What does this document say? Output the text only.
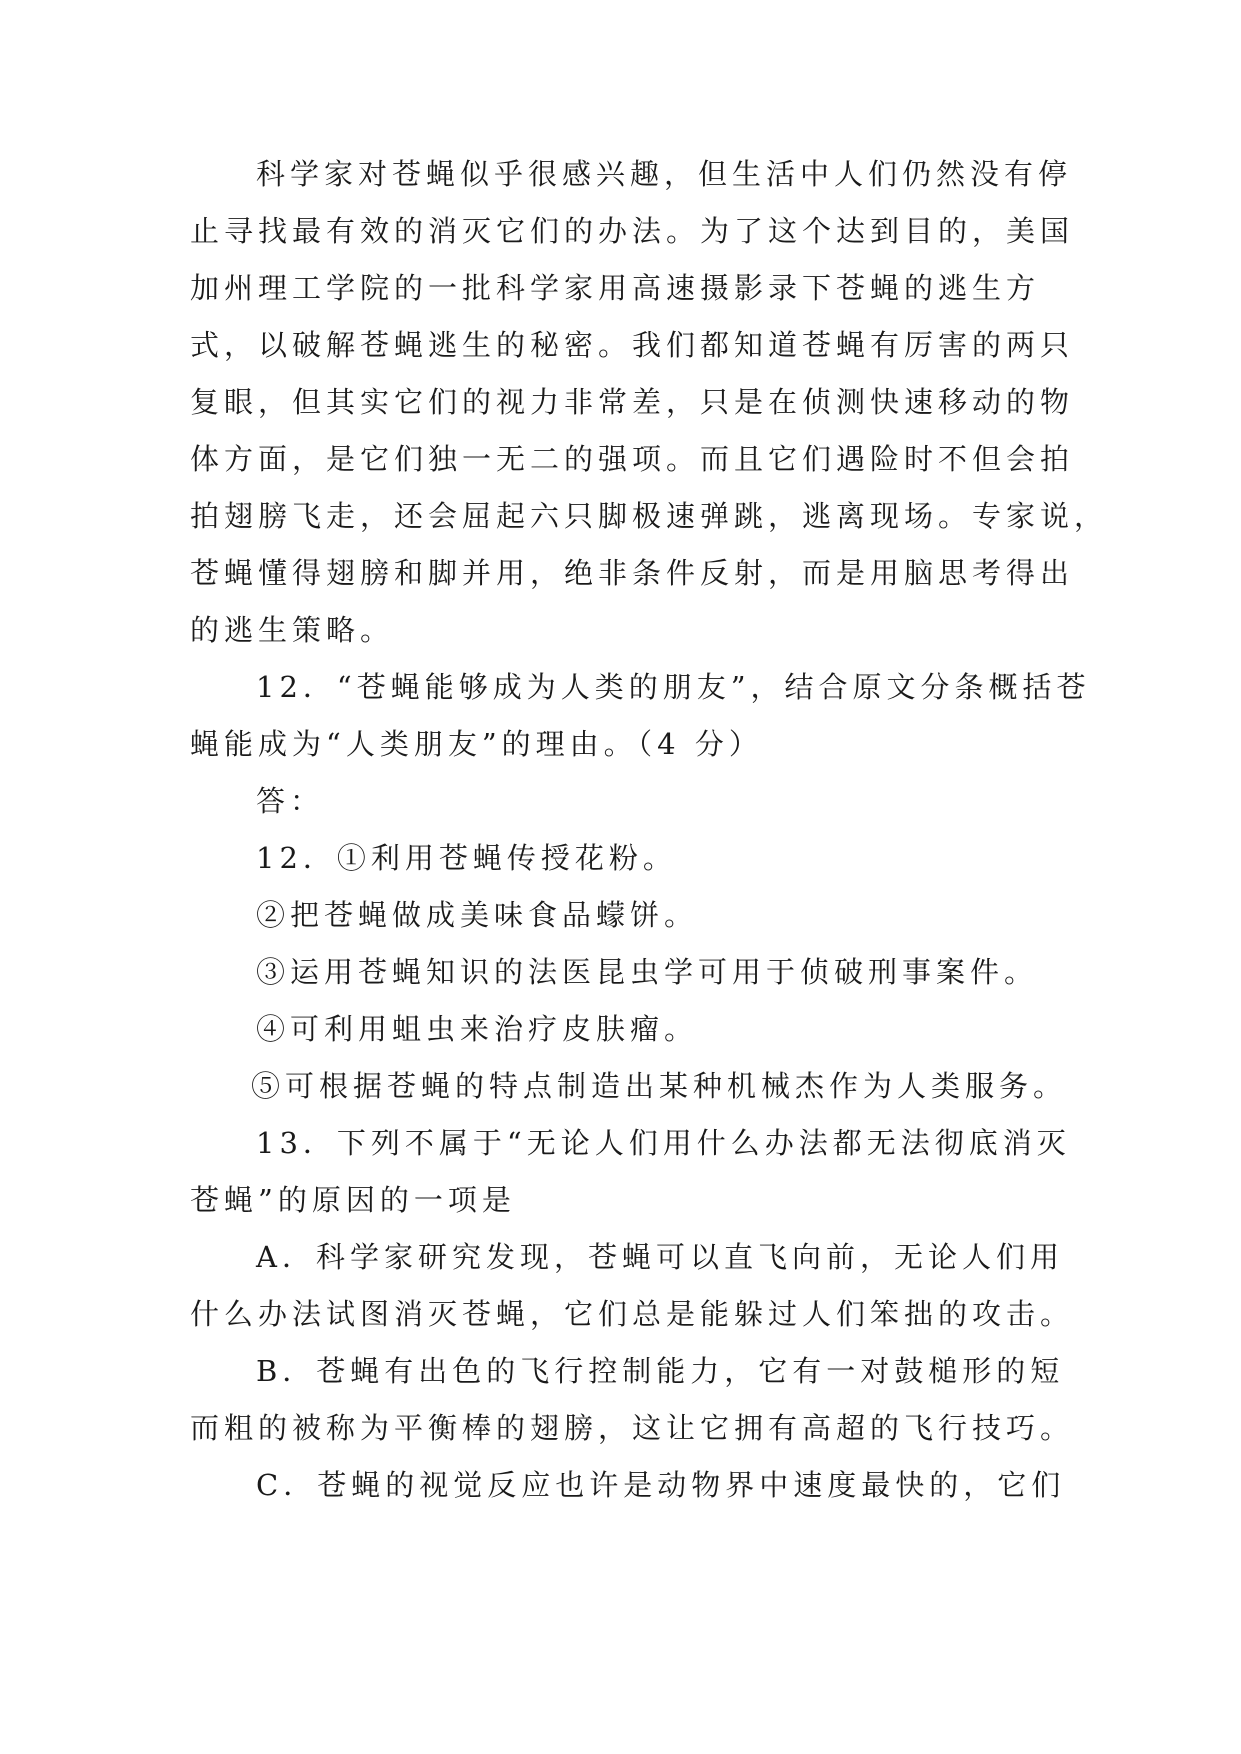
科学家对苍蝇似乎很感兴趣，但生活中人们仍然没有停
止寻找最有效的消灭它们的办法。为了这个达到目的，美国
加州理工学院的一批科学家用高速摄影录下苍蝇的逃生方
式，以破解苍蝇逃生的秘密。我们都知道苍蝇有厉害的两只
复眼，但其实它们的视力非常差，只是在侦测快速移动的物
体方面，是它们独一无二的强项。而且它们遇险时不但会拍
拍翅膀飞走，还会屈起六只脚极速弹跳，逃离现场。专家说，
苍蝇懂得翅膀和脚并用，绝非条件反射，而是用脑思考得出
的逃生策略。
12．“苍蝇能够成为人类的朋友”，结合原文分条概括苍
蝇能成为“人类朋友”的理由。（4 分）
答：
12．①利用苍蝇传授花粉。
②把苍蝇做成美味食品蠓饼。
③运用苍蝇知识的法医昆虫学可用于侦破刑事案件。
④可利用蛆虫来治疗皮肤瘤。
⑤可根据苍蝇的特点制造出某种机械杰作为人类服务。
13．下列不属于“无论人们用什么办法都无法彻底消灭
苍蝇”的原因的一项是
A．科学家研究发现，苍蝇可以直飞向前，无论人们用
什么办法试图消灭苍蝇，它们总是能躲过人们笨拙的攻击。
B．苍蝇有出色的飞行控制能力，它有一对鼓槌形的短
而粗的被称为平衡棒的翅膀，这让它拥有高超的飞行技巧。
C．苍蝇的视觉反应也许是动物界中速度最快的，它们
